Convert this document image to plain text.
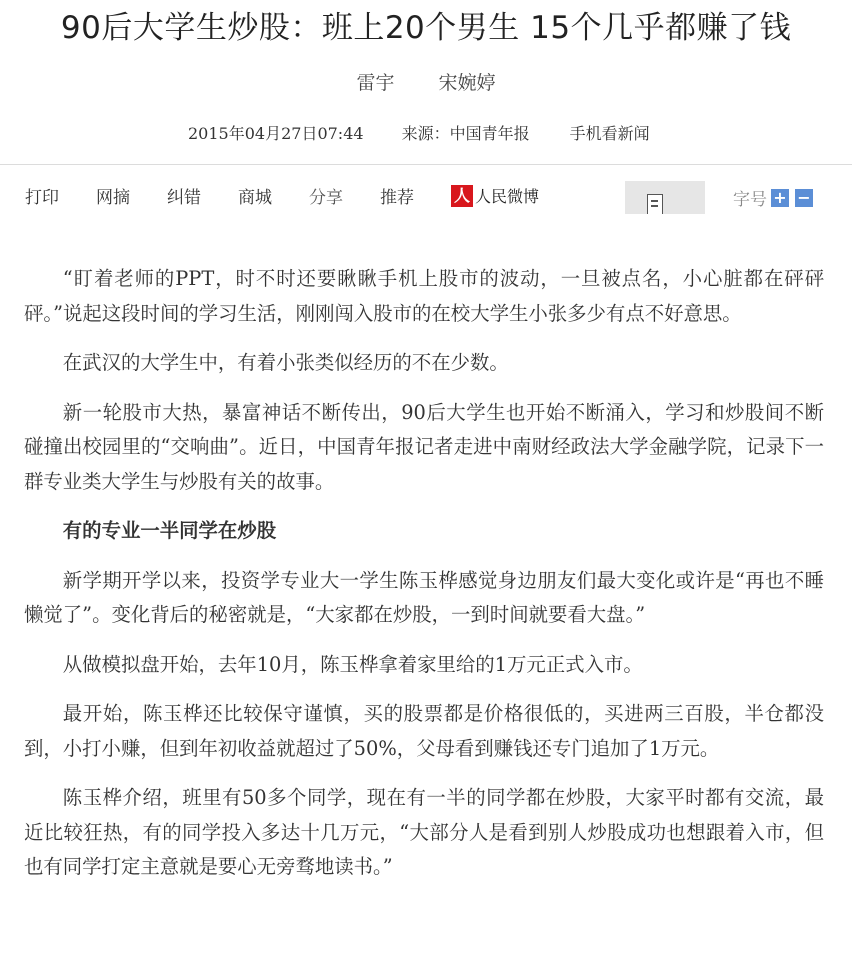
90后大学生炒股：班上20个男生 15个几乎都赚了钱
雷宇 宋婉婷
2015年04月27日07:44 来源： 中国青年报	手机看新闻
打印 网摘 纠错 商城 分享 推荐 人 人民微博	字号 + −

“盯着老师的PPT，时不时还要瞅瞅手机上股市的波动，一旦被点名，小心脏都在砰砰砰。”说起这段时间的学习生活，刚刚闯入股市的在校大学生小张多少有点不好意思。

在武汉的大学生中，有着小张类似经历的不在少数。

新一轮股市大热，暴富神话不断传出，90后大学生也开始不断涌入，学习和炒股间不断碰撞出校园里的“交响曲”。近日，中国青年报记者走进中南财经政法大学金融学院，记录下一群专业类大学生与炒股有关的故事。

有的专业一半同学在炒股

新学期开学以来，投资学专业大一学生陈玉桦感觉身边朋友们最大变化或许是“再也不睡懒觉了”。变化背后的秘密就是，“大家都在炒股，一到时间就要看大盘。”

从做模拟盘开始，去年10月，陈玉桦拿着家里给的1万元正式入市。

最开始，陈玉桦还比较保守谨慎，买的股票都是价格很低的，买进两三百股，半仓都没到，小打小赚，但到年初收益就超过了50%，父母看到赚钱还专门追加了1万元。

陈玉桦介绍，班里有50多个同学，现在有一半的同学都在炒股，大家平时都有交流，最近比较狂热，有的同学投入多达十几万元，“大部分人是看到别人炒股成功也想跟着入市，但也有同学打定主意就是要心无旁骛地读书。”
